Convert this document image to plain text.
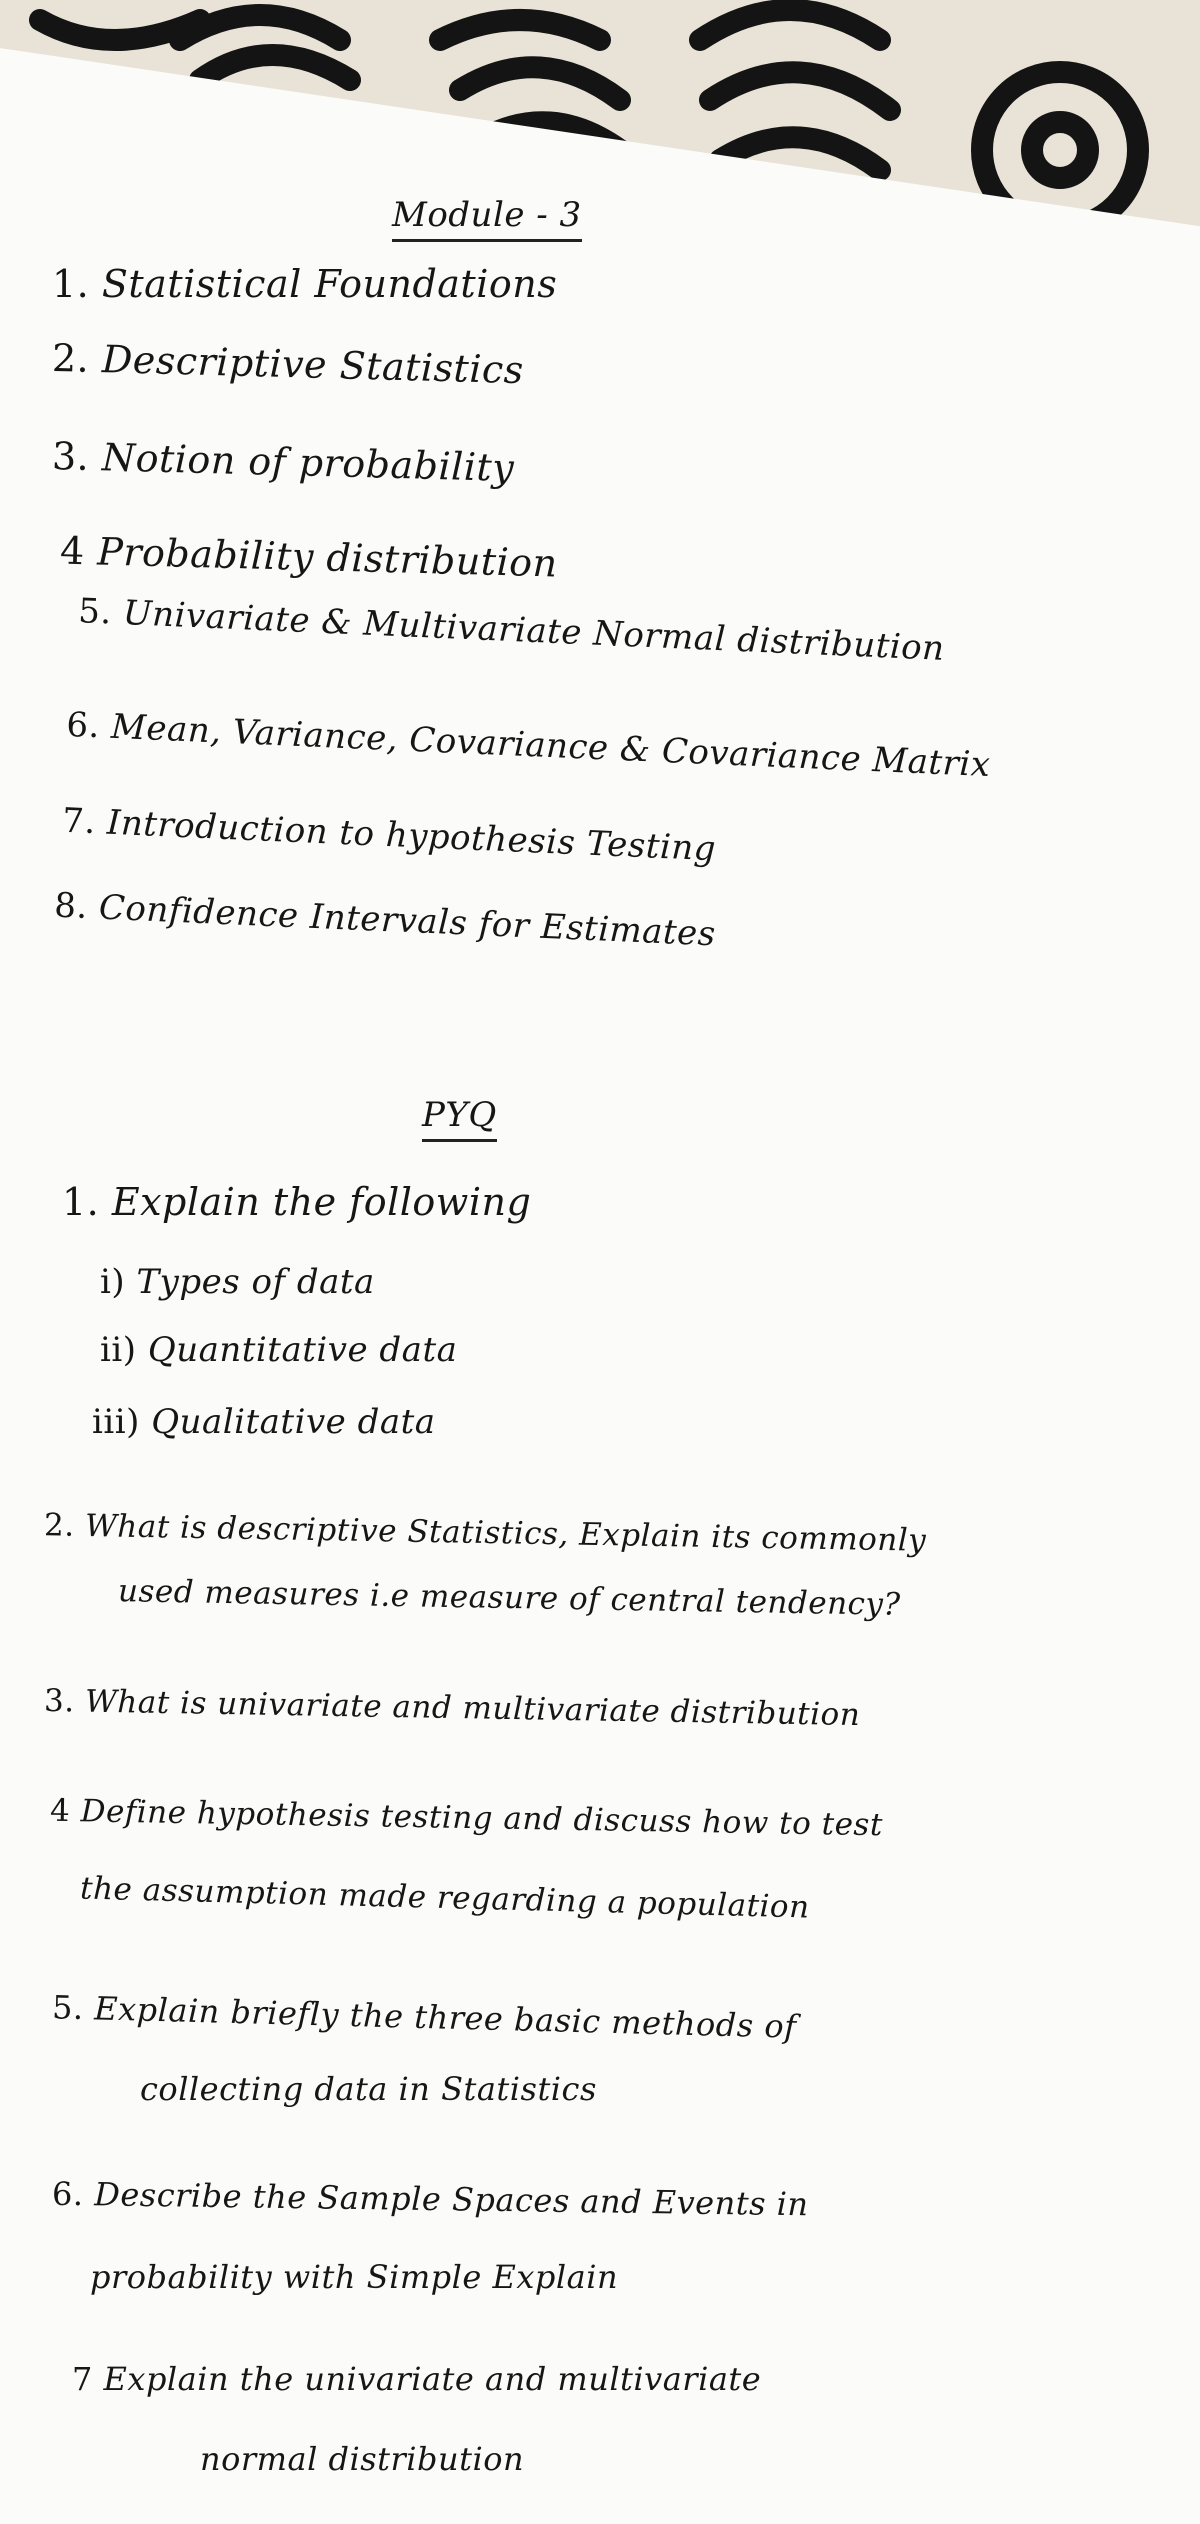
Module - 3
1. Statistical Foundations
2. Descriptive Statistics
3. Notion of probability
4 Probability distribution
5. Univariate & Multivariate Normal distribution
6. Mean, Variance, Covariance & Covariance Matrix
7. Introduction to hypothesis Testing
8. Confidence Intervals for Estimates
PYQ
1. Explain the following
i) Types of data
ii) Quantitative data
iii) Qualitative data
2. What is descriptive Statistics, Explain its commonly
used measures i.e measure of central tendency?
3. What is univariate and multivariate distribution
4 Define hypothesis testing and discuss how to test
the assumption made regarding a population
5. Explain briefly the three basic methods of
collecting data in Statistics
6. Describe the Sample Spaces and Events in
probability with Simple Explain
7 Explain the univariate and multivariate
normal distribution
